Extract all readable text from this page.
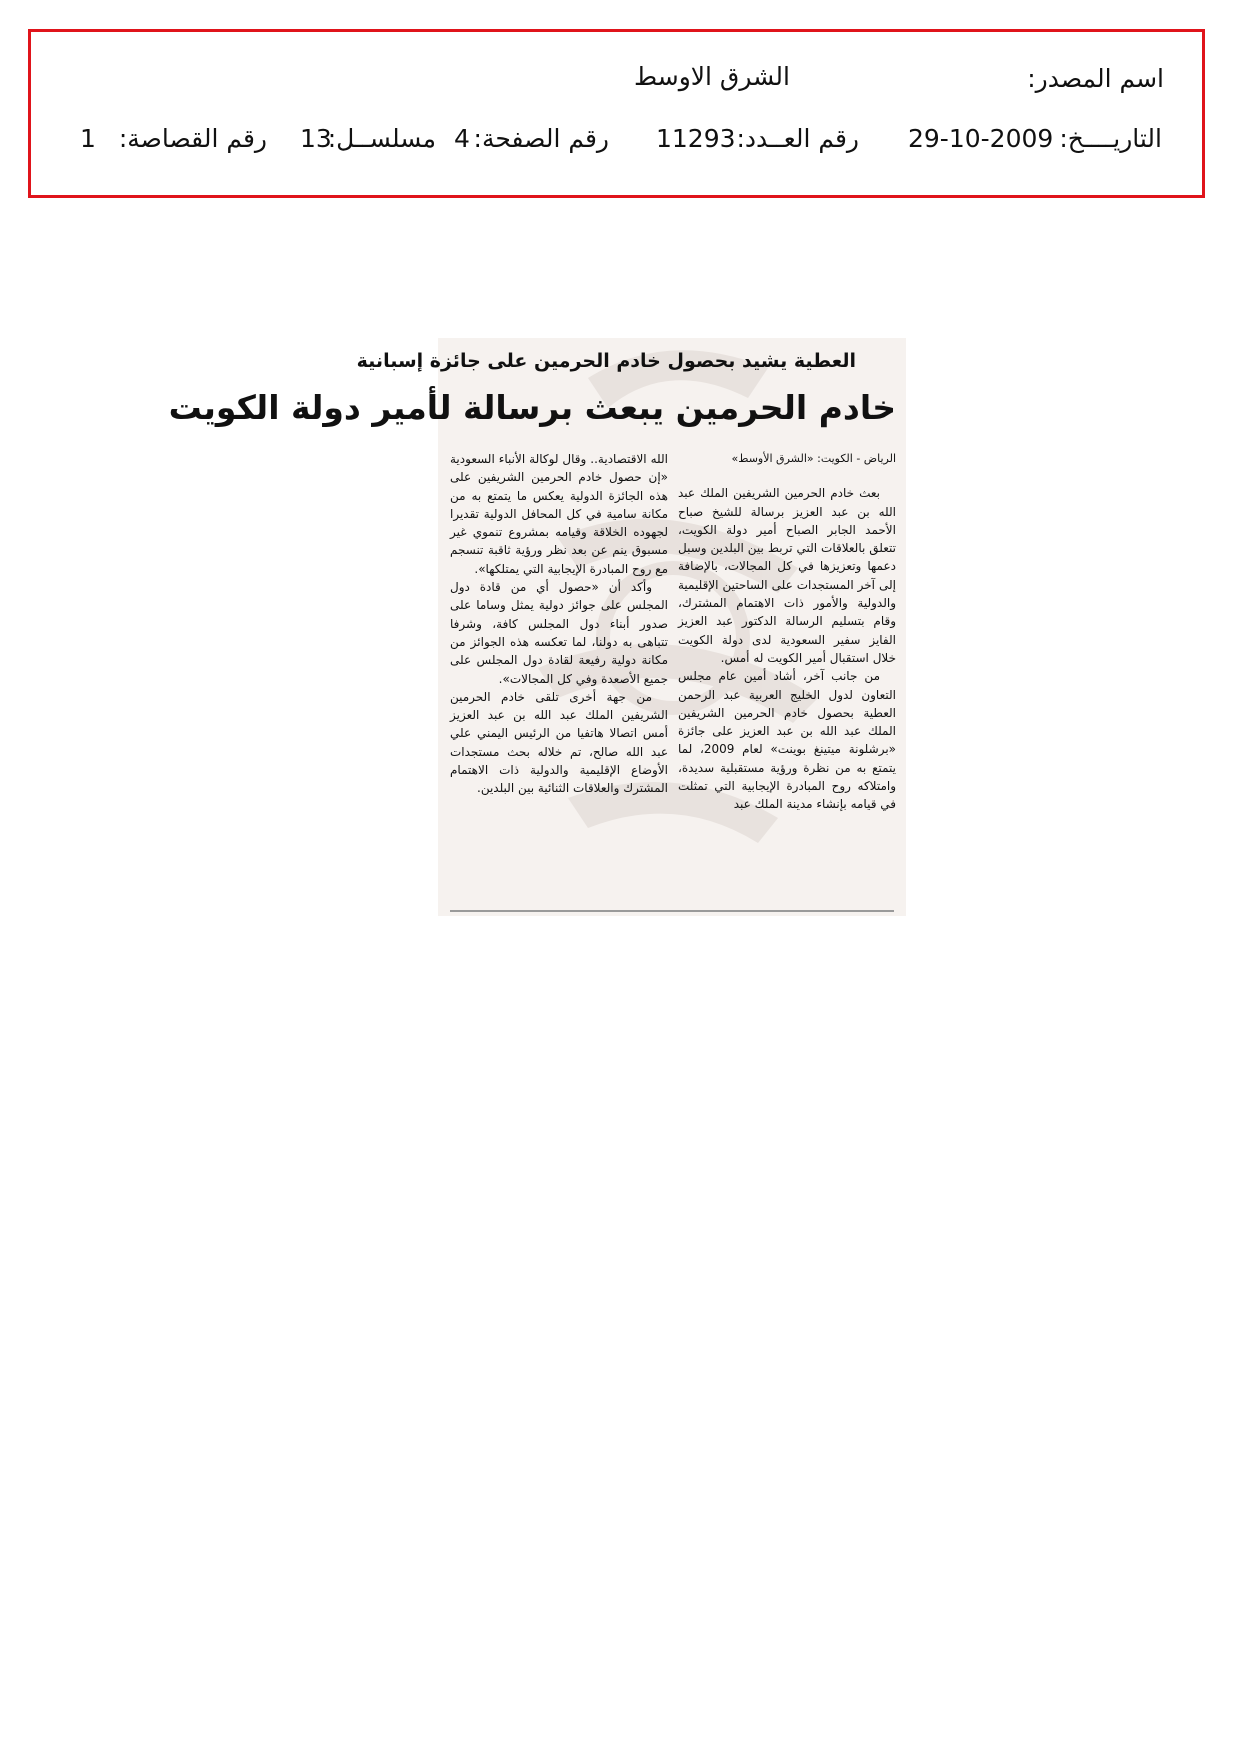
اسم المصدر:
الشرق الاوسط
التاريــــخ:
29-10-2009
رقم العــدد:
11293
رقم الصفحة:
4
مسلســل:
13
رقم القصاصة:
1
العطية يشيد بحصول خادم الحرمين على جائزة إسبانية
خادم الحرمين يبعث برسالة لأمير دولة الكويت

الرياض - الكويت: «الشرق الأوسط»

بعث خادم الحرمين الشريفين الملك عبد الله بن عبد العزيز برسالة للشيخ صباح الأحمد الجابر الصباح أمير دولة الكويت، تتعلق بالعلاقات التي تربط بين البلدين وسبل دعمها وتعزيزها في كل المجالات، بالإضافة إلى آخر المستجدات على الساحتين الإقليمية والدولية والأمور ذات الاهتمام المشترك، وقام بتسليم الرسالة الدكتور عبد العزيز الفايز سفير السعودية لدى دولة الكويت خلال استقبال أمير الكويت له أمس.

من جانب آخر، أشاد أمين عام مجلس التعاون لدول الخليج العربية عبد الرحمن العطية بحصول خادم الحرمين الشريفين الملك عبد الله بن عبد العزيز على جائزة «برشلونة ميتينغ بوينت» لعام 2009، لما يتمتع به من نظرة ورؤية مستقبلية سديدة، وامتلاكه روح المبادرة الإيجابية التي تمثلت في قيامه بإنشاء مدينة الملك عبد

الله الاقتصادية.. وقال لوكالة الأنباء السعودية «إن حصول خادم الحرمين الشريفين على هذه الجائزة الدولية يعكس ما يتمتع به من مكانة سامية في كل المحافل الدولية تقديرا لجهوده الخلاقة وقيامه بمشروع تنموي غير مسبوق ينم عن بعد نظر ورؤية ثاقبة تنسجم مع روح المبادرة الإيجابية التي يمتلكها».

وأكد أن «حصول أي من قادة دول المجلس على جوائز دولية يمثل وساما على صدور أبناء دول المجلس كافة، وشرفا تتباهى به دولنا، لما تعكسه هذه الجوائز من مكانة دولية رفيعة لقادة دول المجلس على جميع الأصعدة وفي كل المجالات».

من جهة أخرى تلقى خادم الحرمين الشريفين الملك عبد الله بن عبد العزيز أمس اتصالا هاتفيا من الرئيس اليمني علي عبد الله صالح، تم خلاله بحث مستجدات الأوضاع الإقليمية والدولية ذات الاهتمام المشترك والعلاقات الثنائية بين البلدين.
